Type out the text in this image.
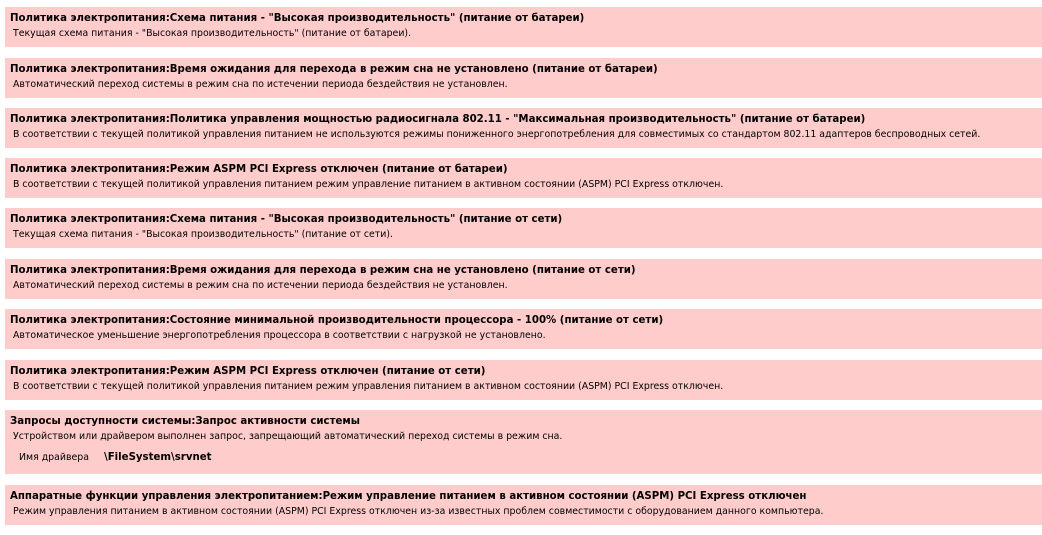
Политика электропитания:Схема питания - "Высокая производительность" (питание от батареи)
Текущая схема питания - "Высокая производительность" (питание от батареи).
Политика электропитания:Время ожидания для перехода в режим сна не установлено (питание от батареи)
Автоматический переход системы в режим сна по истечении периода бездействия не установлен.
Политика электропитания:Политика управления мощностью радиосигнала 802.11 - "Максимальная производительность" (питание от батареи)
В соответствии с текущей политикой управления питанием не используются режимы пониженного энергопотребления для совместимых со стандартом 802.11 адаптеров беспроводных сетей.
Политика электропитания:Режим ASPM PCI Express отключен (питание от батареи)
В соответствии с текущей политикой управления питанием режим управление питанием в активном состоянии (ASPM) PCI Express отключен.
Политика электропитания:Схема питания - "Высокая производительность" (питание от сети)
Текущая схема питания - "Высокая производительность" (питание от сети).
Политика электропитания:Время ожидания для перехода в режим сна не установлено (питание от сети)
Автоматический переход системы в режим сна по истечении периода бездействия не установлен.
Политика электропитания:Состояние минимальной производительности процессора - 100% (питание от сети)
Автоматическое уменьшение энергопотребления процессора в соответствии с нагрузкой не установлено.
Политика электропитания:Режим ASPM PCI Express отключен (питание от сети)
В соответствии с текущей политикой управления питанием режим управления питанием в активном состоянии (ASPM) PCI Express отключен.
Запросы доступности системы:Запрос активности системы
Устройством или драйвером выполнен запрос, запрещающий автоматический переход системы в режим сна.
Имя драйвера \FileSystem\srvnet
Аппаратные функции управления электропитанием:Режим управление питанием в активном состоянии (ASPM) PCI Express отключен
Режим управления питанием в активном состоянии (ASPM) PCI Express отключен из-за известных проблем совместимости с оборудованием данного компьютера.
